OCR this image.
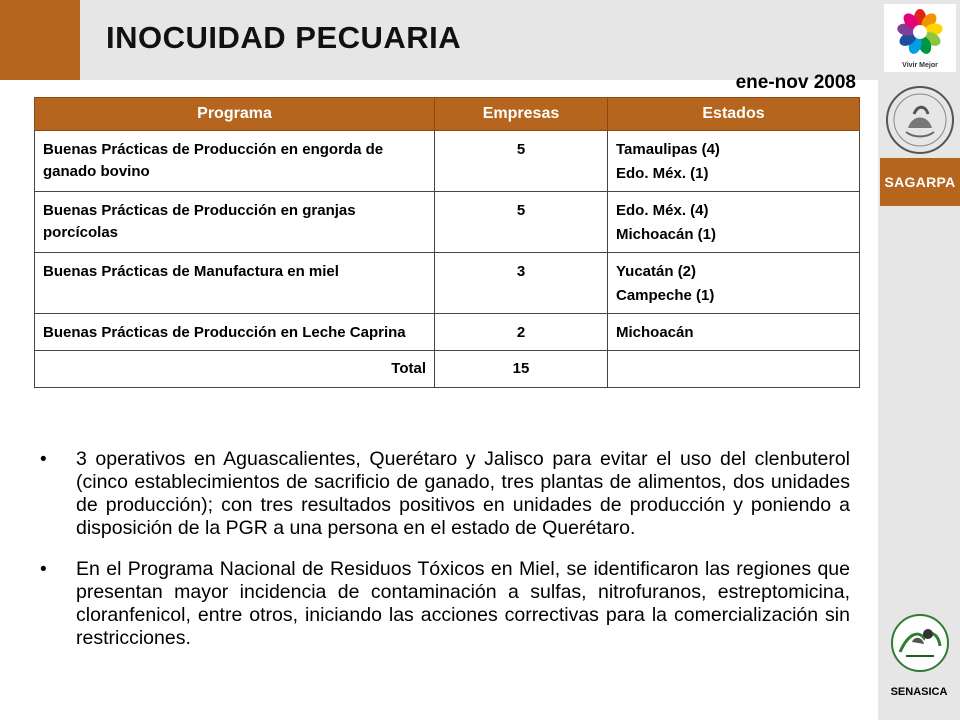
INOCUIDAD PECUARIA
ene-nov 2008
Vivir Mejor
SAGARPA
SENASICA
Programa	Empresas	Estados
Buenas Prácticas de Producción en engorda de ganado bovino	5	Tamaulipas (4)
Edo. Méx. (1)

Buenas Prácticas de Producción en granjas porcícolas	5	Edo. Méx. (4)
Michoacán (1)

Buenas Prácticas de Manufactura en miel	3	Yucatán (2)
Campeche (1)

Buenas Prácticas de Producción en Leche Caprina	2	Michoacán

Total	15	
• 3 operativos en Aguascalientes, Querétaro y Jalisco para evitar el uso del clenbuterol (cinco establecimientos de sacrificio de ganado, tres plantas de alimentos, dos unidades de producción); con tres resultados positivos en unidades de producción y poniendo a disposición de la PGR a una persona en el estado de Querétaro.
• En el Programa Nacional de Residuos Tóxicos en Miel, se identificaron las regiones que presentan mayor incidencia de contaminación a sulfas, nitrofuranos, estreptomicina, cloranfenicol, entre otros, iniciando las acciones correctivas para la comercialización sin restricciones.
